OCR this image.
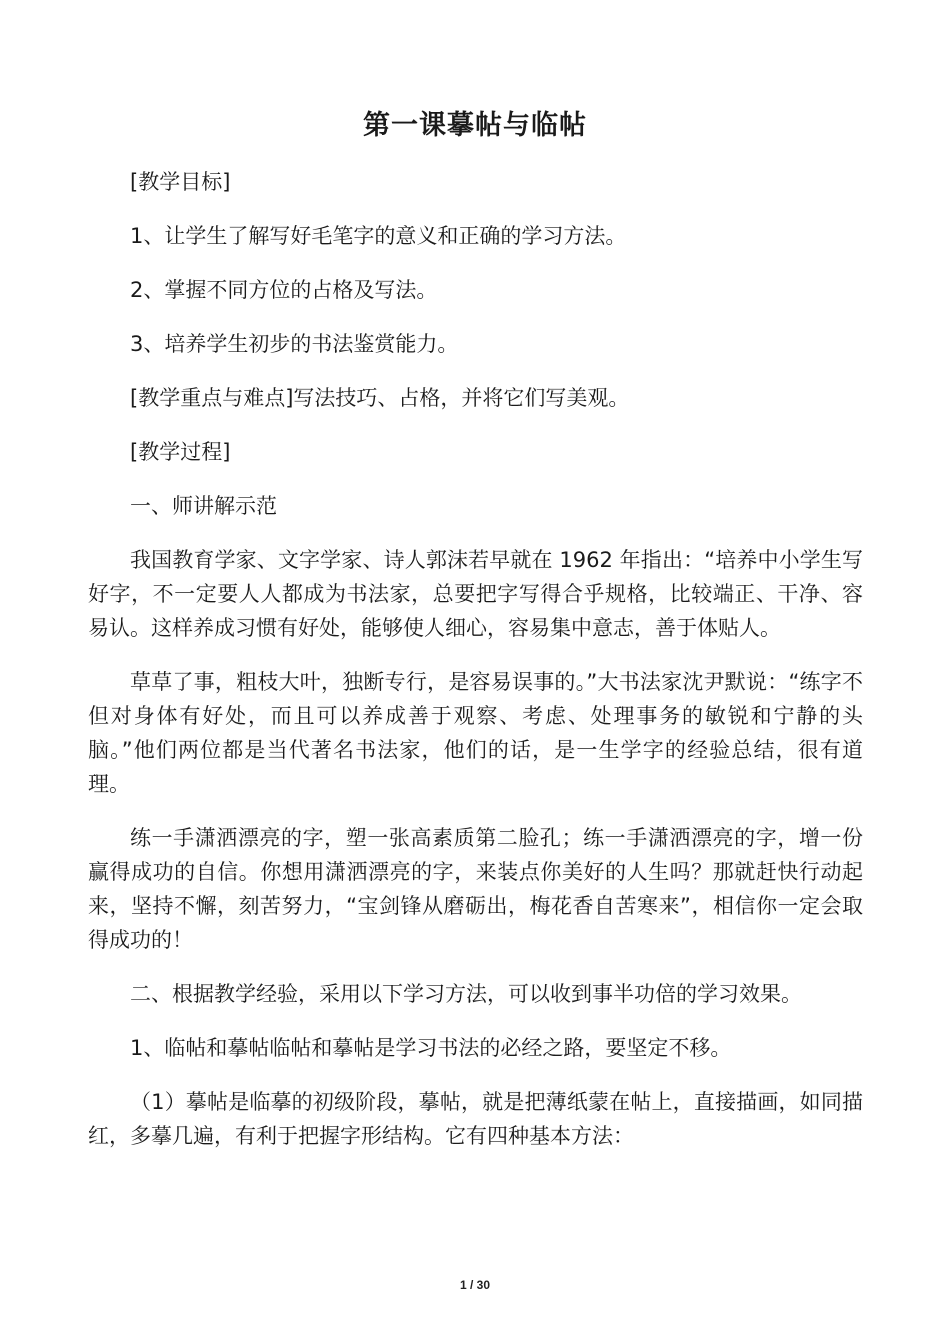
第一课摹帖与临帖

[教学目标]

1、让学生了解写好毛笔字的意义和正确的学习方法。

2、掌握不同方位的占格及写法。

3、培养学生初步的书法鉴赏能力。

[教学重点与难点]写法技巧、占格，并将它们写美观。

[教学过程]

一、师讲解示范

我国教育学家、文字学家、诗人郭沫若早就在 1962 年指出：“培养中小学生写好字，不一定要人人都成为书法家，总要把字写得合乎规格，比较端正、干净、容易认。这样养成习惯有好处，能够使人细心，容易集中意志，善于体贴人。

草草了事，粗枝大叶，独断专行，是容易误事的。”大书法家沈尹默说：“练字不但对身体有好处，而且可以养成善于观察、考虑、处理事务的敏锐和宁静的头脑。”他们两位都是当代著名书法家，他们的话，是一生学字的经验总结，很有道理。

练一手潇洒漂亮的字，塑一张高素质第二脸孔；练一手潇洒漂亮的字，增一份赢得成功的自信。你想用潇洒漂亮的字，来装点你美好的人生吗？那就赶快行动起来，坚持不懈，刻苦努力，“宝剑锋从磨砺出，梅花香自苦寒来”，相信你一定会取得成功的！

二、根据教学经验，采用以下学习方法，可以收到事半功倍的学习效果。

1、临帖和摹帖临帖和摹帖是学习书法的必经之路，要坚定不移。

（1）摹帖是临摹的初级阶段，摹帖，就是把薄纸蒙在帖上，直接描画，如同描红，多摹几遍，有利于把握字形结构。它有四种基本方法：

1 / 30
